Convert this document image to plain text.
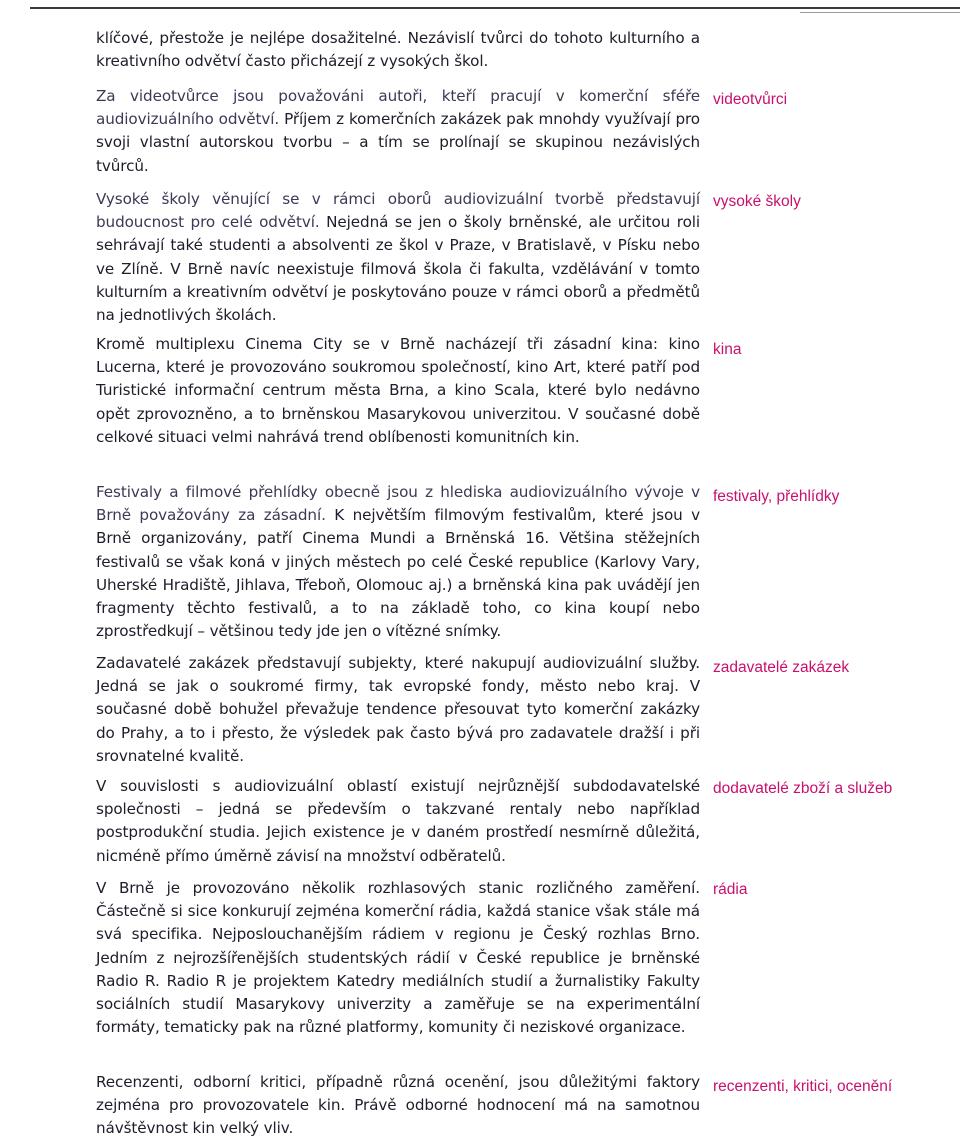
klíčové, přestože je nejlépe dosažitelné. Nezávislí tvůrci do tohoto kulturního a kreativního odvětví často přicházejí z vysokých škol.

Za videotvůrce jsou považováni autoři, kteří pracují v komerční sféře audiovizuálního odvětví. Příjem z komerčních zakázek pak mnohdy využívají pro svoji vlastní autorskou tvorbu – a tím se prolínají se skupinou nezávislých tvůrců.

videotvůrci

Vysoké školy věnující se v rámci oborů audiovizuální tvorbě představují budoucnost pro celé odvětví. Nejedná se jen o školy brněnské, ale určitou roli sehrávají také studenti a absolventi ze škol v Praze, v Bratislavě, v Písku nebo ve Zlíně. V Brně navíc neexistuje filmová škola či fakulta, vzdělávání v tomto kulturním a kreativním odvětví je poskytováno pouze v rámci oborů a předmětů na jednotlivých školách.

vysoké školy

Kromě multiplexu Cinema City se v Brně nacházejí tři zásadní kina: kino Lucerna, které je provozováno soukromou společností, kino Art, které patří pod Turistické informační centrum města Brna, a kino Scala, které bylo nedávno opět zprovozněno, a to brněnskou Masarykovou univerzitou. V současné době celkové situaci velmi nahrává trend oblíbenosti komunitních kin.

kina

Festivaly a filmové přehlídky obecně jsou z hlediska audiovizuálního vývoje v Brně považovány za zásadní. K největším filmovým festivalům, které jsou v Brně organizovány, patří Cinema Mundi a Brněnská 16. Většina stěžejních festivalů se však koná v jiných městech po celé České republice (Karlovy Vary, Uherské Hradiště, Jihlava, Třeboň, Olomouc aj.) a brněnská kina pak uvádějí jen fragmenty těchto festivalů, a to na základě toho, co kina koupí nebo zprostředkují – většinou tedy jde jen o vítězné snímky.

festivaly, přehlídky

Zadavatelé zakázek představují subjekty, které nakupují audiovizuální služby. Jedná se jak o soukromé firmy, tak evropské fondy, město nebo kraj. V současné době bohužel převažuje tendence přesouvat tyto komerční zakázky do Prahy, a to i přesto, že výsledek pak často bývá pro zadavatele dražší i při srovnatelné kvalitě.

zadavatelé zakázek

V souvislosti s audiovizuální oblastí existují nejrůznější subdodavatelské společnosti – jedná se především o takzvané rentaly nebo například postprodukční studia. Jejich existence je v daném prostředí nesmírně důležitá, nicméně přímo úměrně závisí na množství odběratelů.

dodavatelé zboží a služeb

V Brně je provozováno několik rozhlasových stanic rozličného zaměření. Částečně si sice konkurují zejména komerční rádia, každá stanice však stále má svá specifika. Nejposlouchanějším rádiem v regionu je Český rozhlas Brno. Jedním z nejrozšířenějších studentských rádií v České republice je brněnské Radio R. Radio R je projektem Katedry mediálních studií a žurnalistiky Fakulty sociálních studií Masarykovy univerzity a zaměřuje se na experimentální formáty, tematicky pak na různé platformy, komunity či neziskové organizace.

rádia

Recenzenti, odborní kritici, případně různá ocenění, jsou důležitými faktory zejména pro provozovatele kin. Právě odborné hodnocení má na samotnou návštěvnost kin velký vliv.

recenzenti, kritici, ocenění
